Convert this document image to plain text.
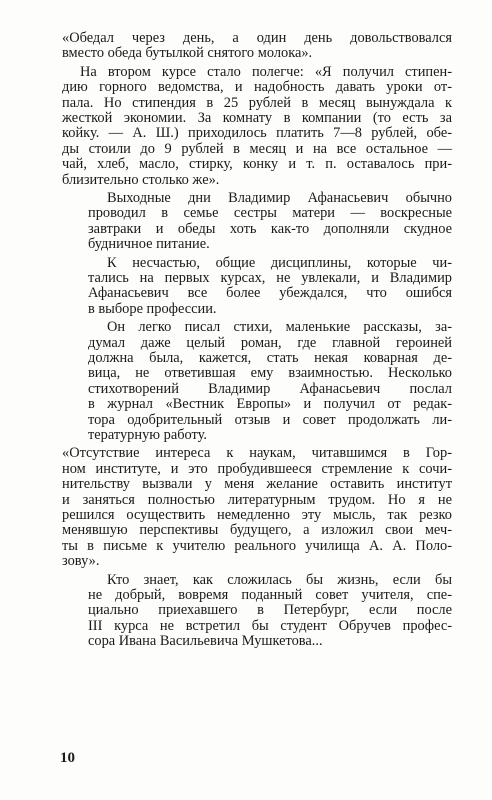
«Обедал через день, а один день довольствовался

вместо обеда бутылкой снятого молока».

На втором курсе стало полегче: «Я получил стипен-

дию горного ведомства, и надобность давать уроки от-

пала. Но стипендия в 25 рублей в месяц вынуждала к

жесткой экономии. За комнату в компании (то есть за

койку. — А. Ш.) приходилось платить 7—8 рублей, обе-

ды стоили до 9 рублей в месяц и на все остальное —

чай, хлеб, масло, стирку, конку и т. п. оставалось при-

близительно столько же».

Выходные дни Владимир Афанасьевич обычно

проводил в семье сестры матери — воскресные

завтраки и обеды хоть как-то дополняли скудное

будничное питание.

К несчастью, общие дисциплины, которые чи-

тались на первых курсах, не увлекали, и Владимир

Афанасьевич все более убеждался, что ошибся

в выборе профессии.

Он легко писал стихи, маленькие рассказы, за-

думал даже целый роман, где главной героиней

должна была, кажется, стать некая коварная де-

вица, не ответившая ему взаимностью. Несколько

стихотворений Владимир Афанасьевич послал

в журнал «Вестник Европы» и получил от редак-

тора одобрительный отзыв и совет продолжать ли-

тературную работу.

«Отсутствие интереса к наукам, читавшимся в Гор-

ном институте, и это пробудившееся стремление к сочи-

нительству вызвали у меня желание оставить институт

и заняться полностью литературным трудом. Но я не

решился осуществить немедленно эту мысль, так резко

менявшую перспективы будущего, а изложил свои меч-

ты в письме к учителю реального училища А. А. Поло-

зову».

Кто знает, как сложилась бы жизнь, если бы

не добрый, вовремя поданный совет учителя, спе-

циально приехавшего в Петербург, если после

III курса не встретил бы студент Обручев профес-

сора Ивана Васильевича Мушкетова...

10
